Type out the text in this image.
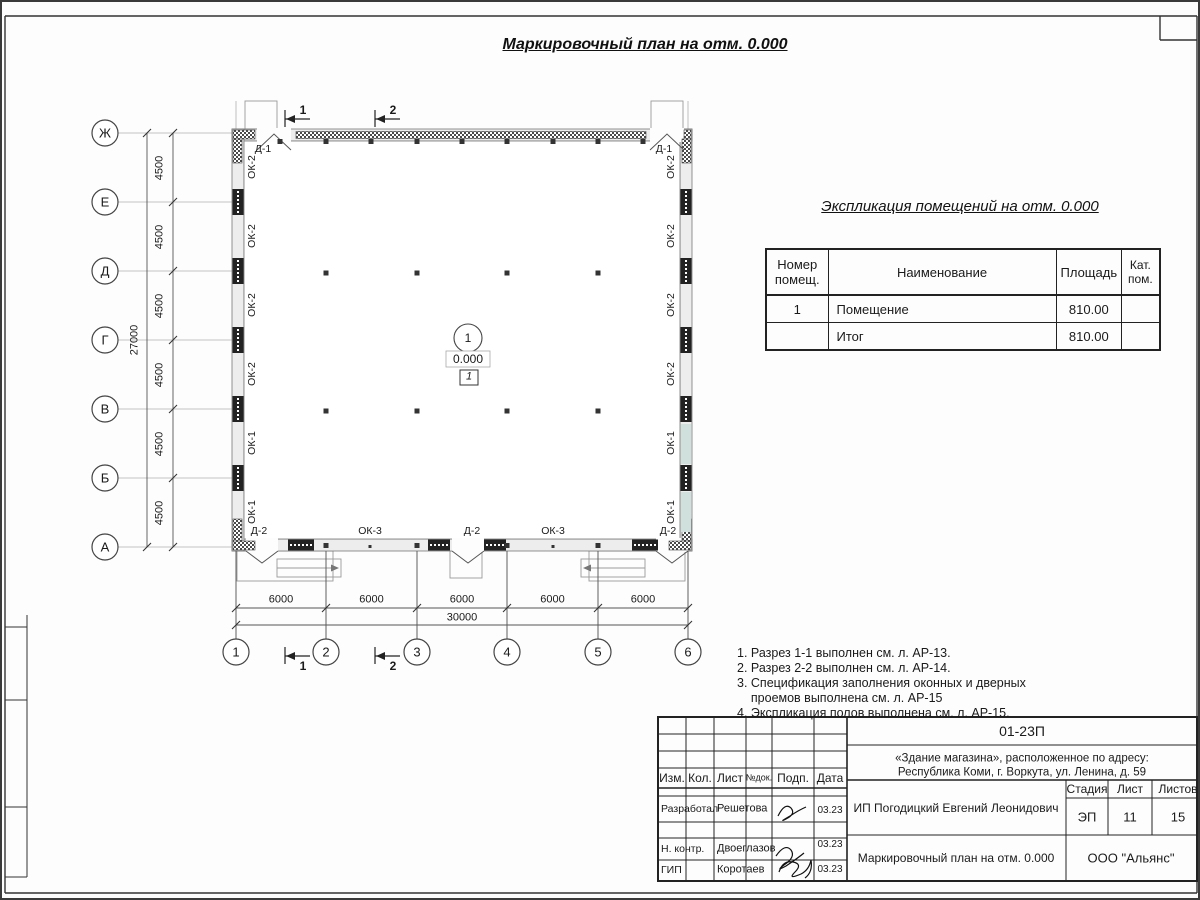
Маркировочный план на отм. 0.000
Экспликация помещений на отм. 0.000
Номер помещ.	Наименование	Площадь	Кат. пом.
1	Помещение	810.00	
	Итог	810.00	
1. Разрез 1-1 выполнен см. л. АР-13.
2. Разрез 2-2 выполнен см. л. АР-14.
3. Спецификация заполнения оконных и дверных
проемов выполнена см. л. АР-15
4. Экспликация полов выполнена см. л. АР-15.
Ж
Е
Д
Г
В
Б
А
1	2	3	4	5	6
4500
4500
4500
4500
4500
4500
27000
6000	6000	6000	6000	6000
30000
ОК-2
ОК-2
ОК-2
ОК-2
ОК-1
ОК-1
ОК-2
ОК-2
ОК-2
ОК-2
ОК-1
ОК-1
Д-1	Д-1
Д-2	ОК-3	Д-2	ОК-3	Д-2
1	2
1	2
1
0.000
1
01-23П
«Здание магазина», расположенное по адресу:
Республика Коми, г. Воркута, ул. Ленина, д. 59
Изм. Кол. Лист №док. Подп. Дата
Разработал
Решетова	03.23
Н. контр. Двоеглазов	03.23
ГИП	Коротаев	03.23
ИП Погодицкий Евгений Леонидович
Стадия Лист Листов
ЭП 11	15
Маркировочный план на отм. 0.000	ООО "Альянс"
